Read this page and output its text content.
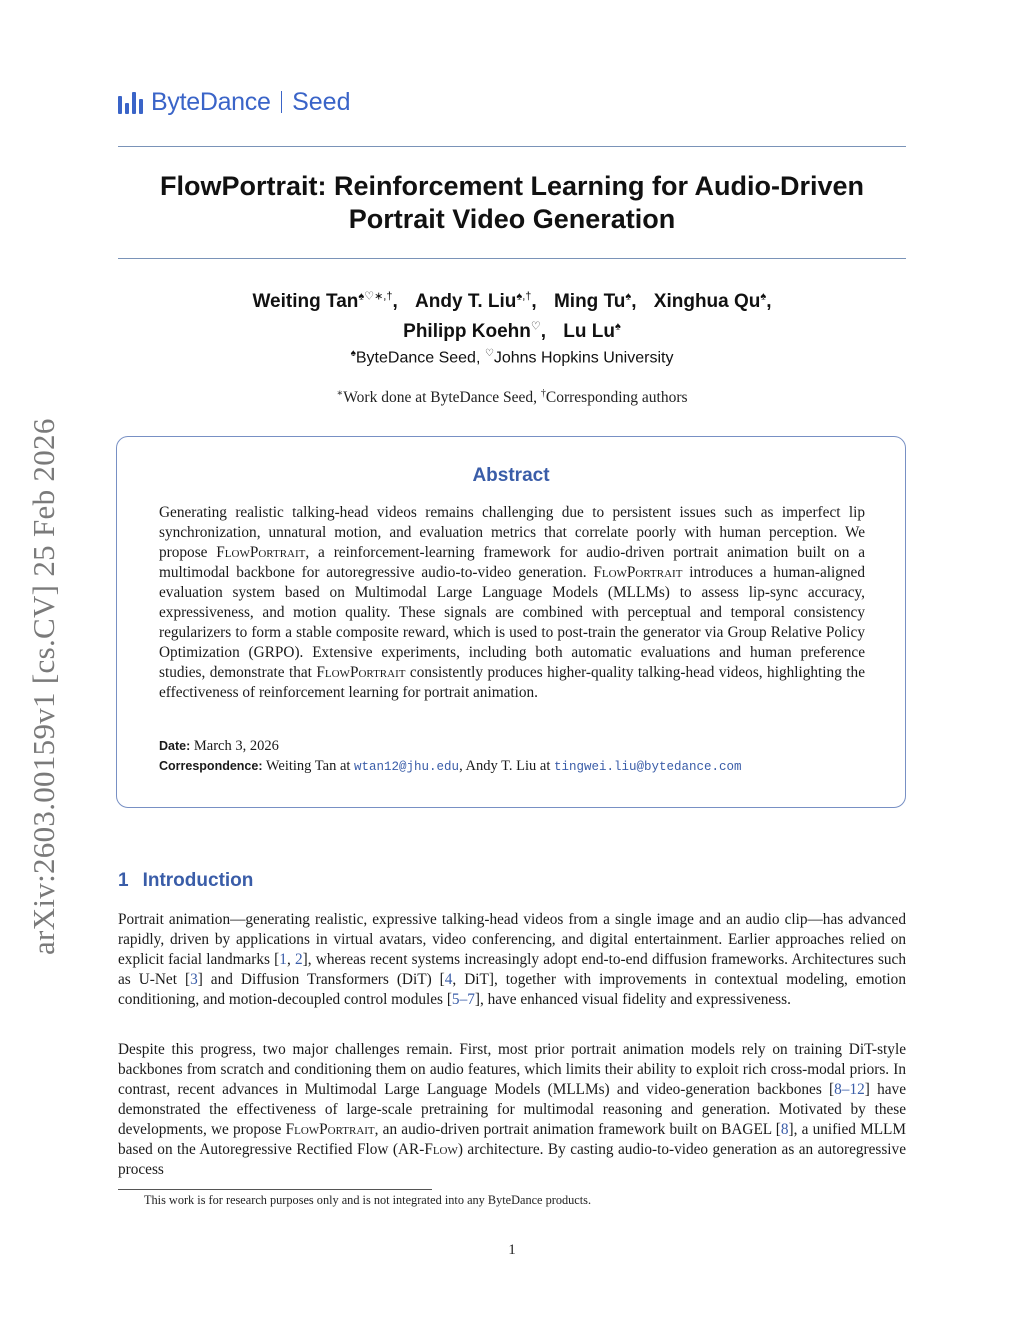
ByteDance Seed
FlowPortrait: Reinforcement Learning for Audio-Driven
Portrait Video Generation
Weiting Tan♠♡∗,†, Andy T. Liu♠,†, Ming Tu♠, Xinghua Qu♠,
Philipp Koehn♡, Lu Lu♠
♠ByteDance Seed, ♡Johns Hopkins University
∗Work done at ByteDance Seed, †Corresponding authors
Abstract
Generating realistic talking-head videos remains challenging due to persistent issues such as imperfect lip synchronization, unnatural motion, and evaluation metrics that correlate poorly with human perception. We propose FlowPortrait, a reinforcement-learning framework for audio-driven portrait animation built on a multimodal backbone for autoregressive audio-to-video generation. FlowPortrait introduces a human-aligned evaluation system based on Multimodal Large Language Models (MLLMs) to assess lip-sync accuracy, expressiveness, and motion quality. These signals are combined with perceptual and temporal consistency regularizers to form a stable composite reward, which is used to post-train the generator via Group Relative Policy Optimization (GRPO). Extensive experiments, including both automatic evaluations and human preference studies, demonstrate that FlowPortrait consistently produces higher-quality talking-head videos, highlighting the effectiveness of reinforcement learning for portrait animation.
Date: March 3, 2026
Correspondence: Weiting Tan at wtan12@jhu.edu, Andy T. Liu at tingwei.liu@bytedance.com
arXiv:2603.00159v1 [cs.CV] 25 Feb 2026	1 Introduction

Portrait animation—generating realistic, expressive talking-head videos from a single image and an audio clip—has advanced rapidly, driven by applications in virtual avatars, video conferencing, and digital entertainment. Earlier approaches relied on explicit facial landmarks [1, 2], whereas recent systems increasingly adopt end-to-end diffusion frameworks. Architectures such as U-Net [3] and Diffusion Transformers (DiT) [4, DiT], together with improvements in contextual modeling, emotion conditioning, and motion-decoupled control modules [5–7], have enhanced visual fidelity and expressiveness.

Despite this progress, two major challenges remain. First, most prior portrait animation models rely on training DiT-style backbones from scratch and conditioning them on audio features, which limits their ability to exploit rich cross-modal priors. In contrast, recent advances in Multimodal Large Language Models (MLLMs) and video-generation backbones [8–12] have demonstrated the effectiveness of large-scale pretraining for multimodal reasoning and generation. Motivated by these developments, we propose FlowPortrait, an audio-driven portrait animation framework built on BAGEL [8], a unified MLLM based on the Autoregressive Rectified Flow (AR-Flow) architecture. By casting audio-to-video generation as an autoregressive process

This work is for research purposes only and is not integrated into any ByteDance products.
1
